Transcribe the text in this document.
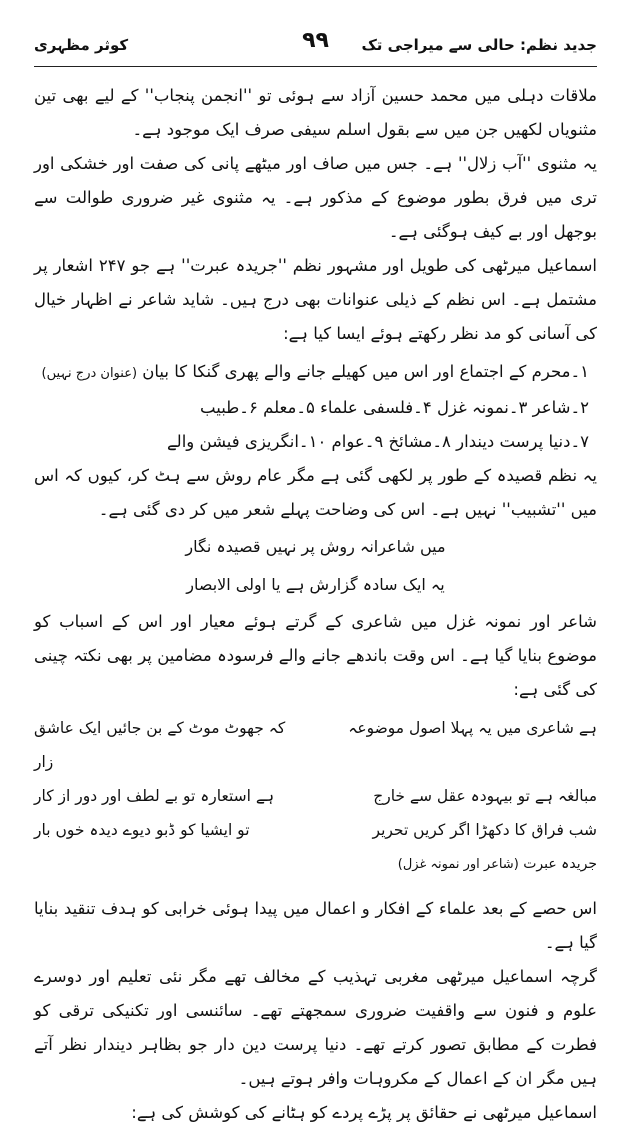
جدید نظم: حالی سے میراجی تک
۹۹
کوثر مظہری

ملاقات دہلی میں محمد حسین آزاد سے ہوئی تو ''انجمن پنجاب'' کے لیے بھی تین مثنویاں لکھیں جن میں سے بقول اسلم سیفی صرف ایک موجود ہے۔

یہ مثنوی ''آب زلال'' ہے۔ جس میں صاف اور میٹھے پانی کی صفت اور خشکی اور تری میں فرق بطور موضوع کے مذکور ہے۔ یہ مثنوی غیر ضروری طوالت سے بوجھل اور بے کیف ہوگئی ہے۔

اسماعیل میرٹھی کی طویل اور مشہور نظم ''جریدہ عبرت'' ہے جو ۲۴۷ اشعار پر مشتمل ہے۔ اس نظم کے ذیلی عنوانات بھی درج ہیں۔ شاید شاعر نے اظہار خیال کی آسانی کو مد نظر رکھتے ہوئے ایسا کیا ہے:

۱۔محرم کے اجتماع اور اس میں کھیلے جانے والے پھری گنکا کا بیان (عنوان درج نہیں)
۲۔شاعر ۳۔نمونہ غزل ۴۔فلسفی علماء ۵۔معلم ۶۔طبیب
۷۔دنیا پرست دیندار ۸۔مشائخ ۹۔عوام ۱۰۔انگریزی فیشن والے

یہ نظم قصیدہ کے طور پر لکھی گئی ہے مگر عام روش سے ہٹ کر، کیوں کہ اس میں ''تشبیب'' نہیں ہے۔ اس کی وضاحت پہلے شعر میں کر دی گئی ہے۔

میں شاعرانہ روش پر نہیں قصیدہ نگار
یہ ایک سادہ گزارش ہے یا اولی الابصار

شاعر اور نمونہ غزل میں شاعری کے گرتے ہوئے معیار اور اس کے اسباب کو موضوع بنایا گیا ہے۔ اس وقت باندھے جانے والے فرسودہ مضامین پر بھی نکتہ چینی کی گئی ہے:

ہے شاعری میں یہ پہلا اصول موضوعہ
کہ جھوٹ موٹ کے بن جائیں ایک عاشق زار
مبالغہ ہے تو بیہودہ عقل سے خارج
ہے استعارہ تو بے لطف اور دور از کار
شب فراق کا دکھڑا اگر کریں تحریر
تو ایشیا کو ڈبو دیوے دیدہ خوں بار
جریدہ عبرت (شاعر اور نمونہ غزل)

اس حصے کے بعد علماء کے افکار و اعمال میں پیدا ہوئی خرابی کو ہدف تنقید بنایا گیا ہے۔

گرچہ اسماعیل میرٹھی مغربی تہذیب کے مخالف تھے مگر نئی تعلیم اور دوسرے علوم و فنون سے واقفیت ضروری سمجھتے تھے۔ سائنسی اور تکنیکی ترقی کو فطرت کے مطابق تصور کرتے تھے۔ دنیا پرست دین دار جو بظاہر دیندار نظر آتے ہیں مگر ان کے اعمال کے مکروہات وافر ہوتے ہیں۔

اسماعیل میرٹھی نے حقائق پر پڑے پردے کو ہٹانے کی کوشش کی ہے:
